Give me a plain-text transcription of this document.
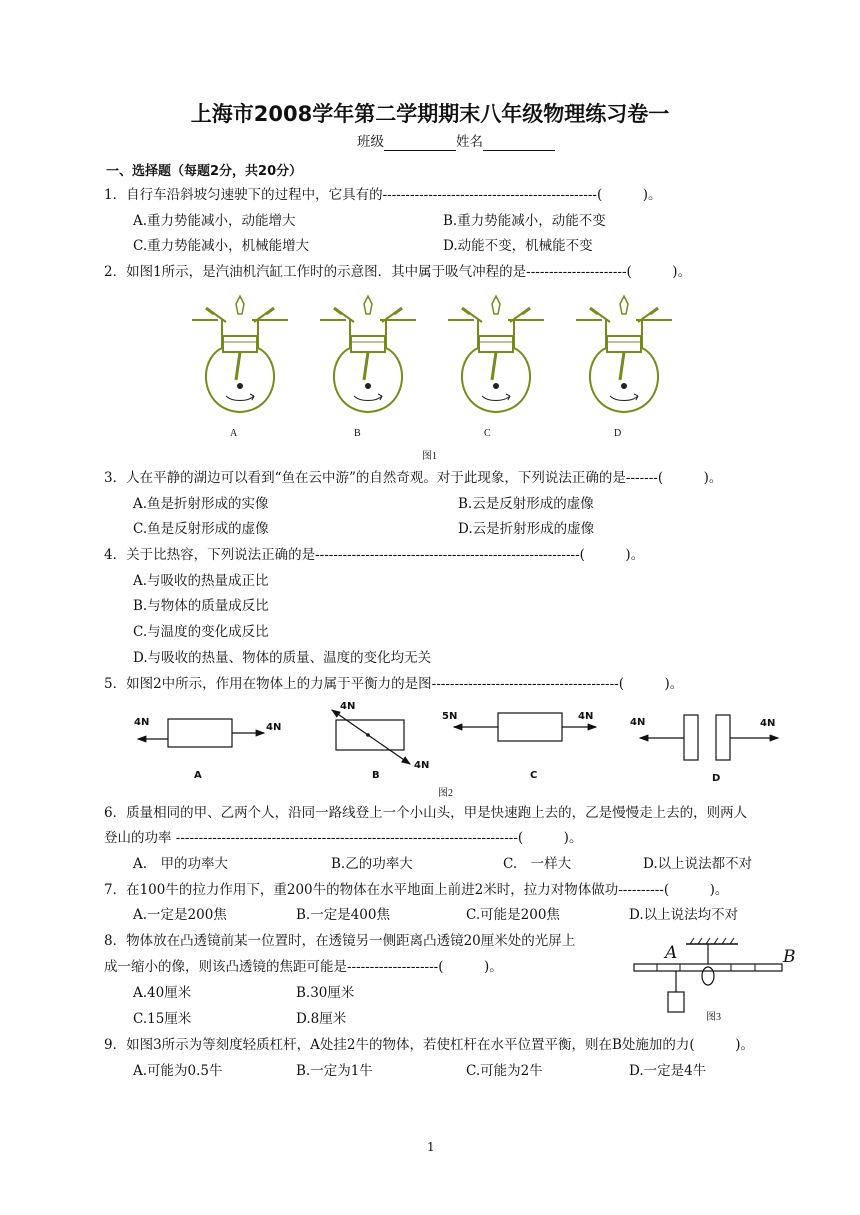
上海市2008学年第二学期期末八年级物理练习卷一
班级	姓名
一、选择题（每题2分，共20分）
1．自行车沿斜坡匀速驶下的过程中，它具有的-----------------------------------------------(　　　)。
A.重力势能减小，动能增大	B.重力势能减小，动能不变
C.重力势能减小，机械能增大	D.动能不变，机械能不变
2．如图1所示，是汽油机汽缸工作时的示意图．其中属于吸气冲程的是----------------------(　　　)。
A	B	C	D
图1
3．人在平静的湖边可以看到“鱼在云中游”的自然奇观。对于此现象，下列说法正确的是-------(　　　)。
A.鱼是折射形成的实像	B.云是反射形成的虚像
C.鱼是反射形成的虚像	D.云是折射形成的虚像
4．关于比热容，下列说法正确的是----------------------------------------------------------(　　　)。
A.与吸收的热量成正比
B.与物体的质量成反比
C.与温度的变化成反比
D.与吸收的热量、物体的质量、温度的变化均无关
5．如图2中所示，作用在物体上的力属于平衡力的是图-----------------------------------------(　　　)。
4N	4N
4N
4N
5N	4N
4N	4N
A	B	C	D
图2
6．质量相同的甲、乙两个人，沿同一路线登上一个小山头，甲是快速跑上去的，乙是慢慢走上去的，则两人
登山的功率 ---------------------------------------------------------------------------(　　　)。
A.　甲的功率大	B.乙的功率大	C.　一样大	D.以上说法都不对
7．在100牛的拉力作用下，重200牛的物体在水平地面上前进2米时，拉力对物体做功----------(　　　)。
A.一定是200焦	B.一定是400焦	C.可能是200焦	D.以上说法均不对
8．物体放在凸透镜前某一位置时，在透镜另一侧距离凸透镜20厘米处的光屏上
成一缩小的像，则该凸透镜的焦距可能是--------------------(　　　)。
A.40厘米	B.30厘米
C.15厘米	D.8厘米
A	B
图3
9．如图3所示为等刻度轻质杠杆，A处挂2牛的物体，若使杠杆在水平位置平衡，则在B处施加的力(　　　)。
A.可能为0.5牛	B.一定为1牛	C.可能为2牛	D.一定是4牛
1
